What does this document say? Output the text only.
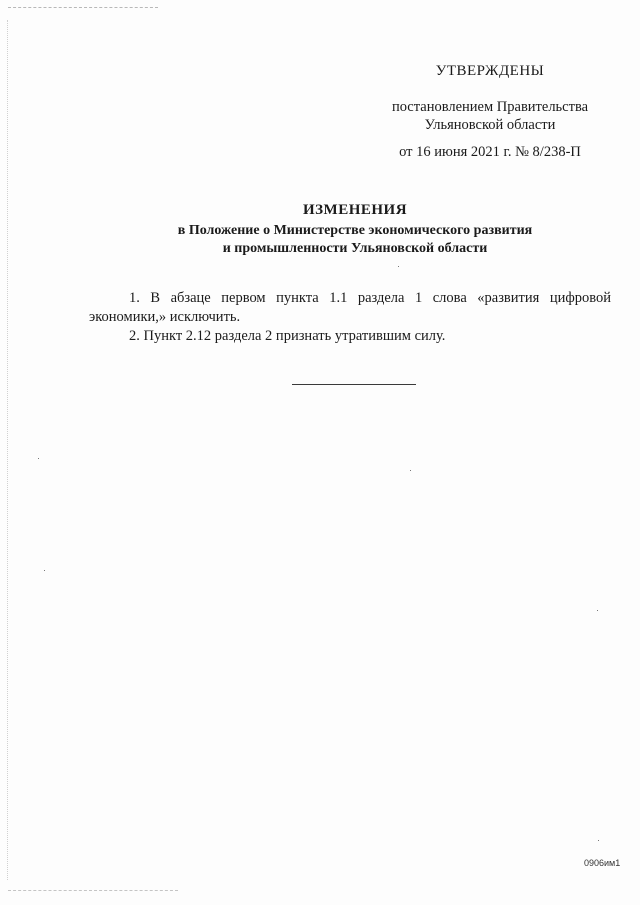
УТВЕРЖДЕНЫ
постановлением Правительства
Ульяновской области
от 16 июня 2021 г. № 8/238-П
ИЗМЕНЕНИЯ
в Положение о Министерстве экономического развития
и промышленности Ульяновской области
1. В абзаце первом пункта 1.1 раздела 1 слова «развития цифровой экономики,» исключить.
2. Пункт 2.12 раздела 2 признать утратившим силу.
0906им1
